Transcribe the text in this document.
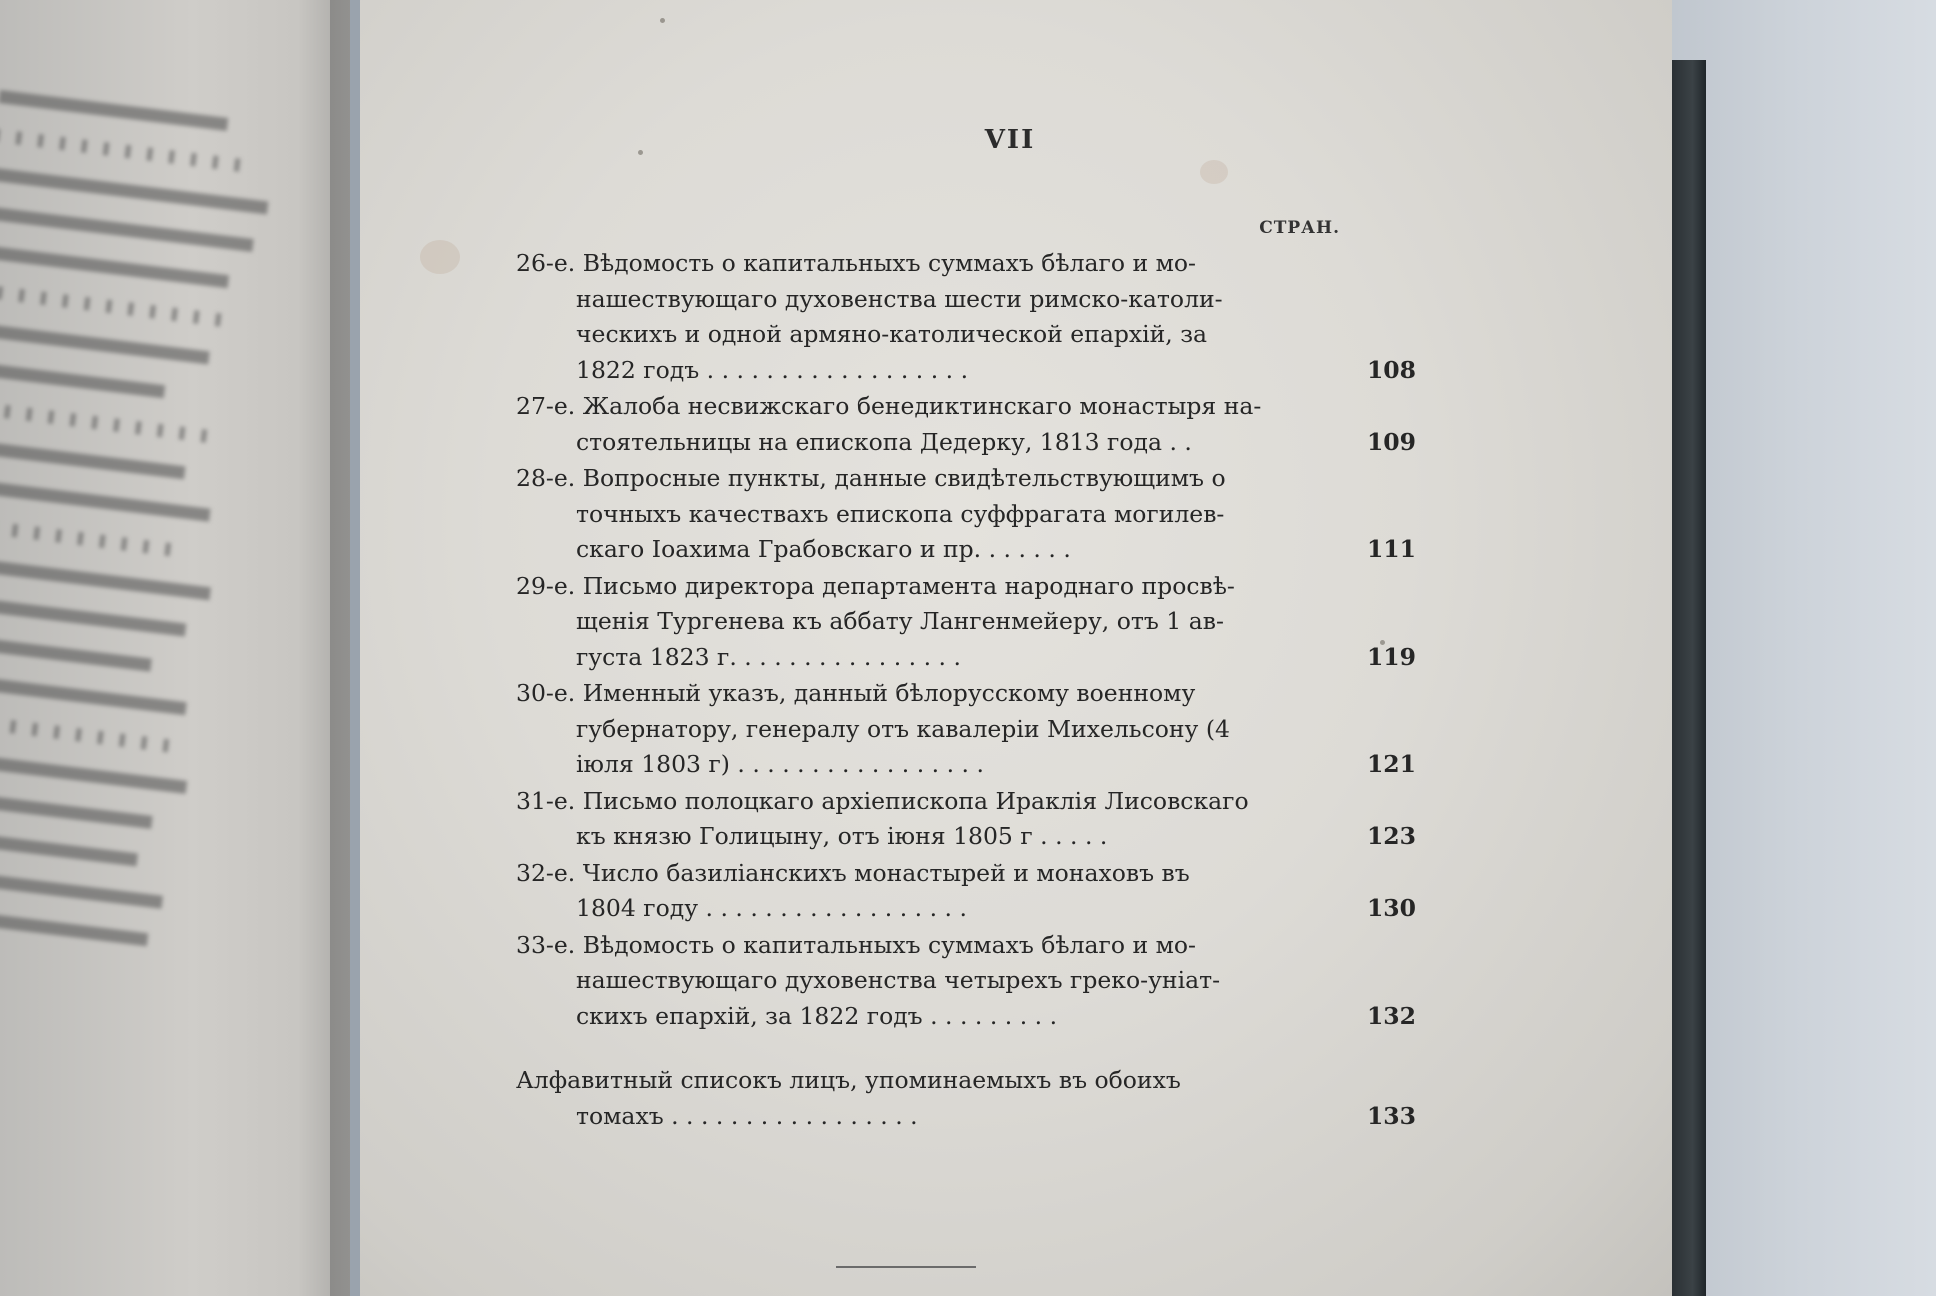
VII
СТРАН.
26-е. Вѣдомость о капитальныхъ суммахъ бѣлаго и мо-
нашествующаго духовенства шести римско-католи-
ческихъ и одной армяно-католической епархій, за
1822 годъ . . . . . . . . . . . . . . . . . .	108
27-е. Жалоба несвижскаго бенедиктинскаго монастыря на-
стоятельницы на епископа Дедерку, 1813 года . .	109
28-е. Вопросные пункты, данные свидѣтельствующимъ о
точныхъ качествахъ епископа суффрагата могилев-
скаго Іоахима Грабовскаго и пр. . . . . . .	111
29-е. Письмо директора департамента народнаго просвѣ-
щенія Тургенева къ аббату Лангенмейеру, отъ 1 ав-
густа 1823 г. . . . . . . . . . . . . . . .	119
30-е. Именный указъ, данный бѣлорусскому военному
губернатору, генералу отъ кавалеріи Михельсону (4
іюля 1803 г) . . . . . . . . . . . . . . . . .	121
31-е. Письмо полоцкаго архіепископа Ираклія Лисовскаго
къ князю Голицыну, отъ іюня 1805 г . . . . .	123
32-е. Число базиліанскихъ монастырей и монаховъ въ
1804 году . . . . . . . . . . . . . . . . . .	130
33-е. Вѣдомость о капитальныхъ суммахъ бѣлаго и мо-
нашествующаго духовенства четырехъ греко-уніат-
скихъ епархій, за 1822 годъ . . . . . . . . .	132
Алфавитный списокъ лицъ, упоминаемыхъ въ обоихъ
томахъ . . . . . . . . . . . . . . . . .	133
